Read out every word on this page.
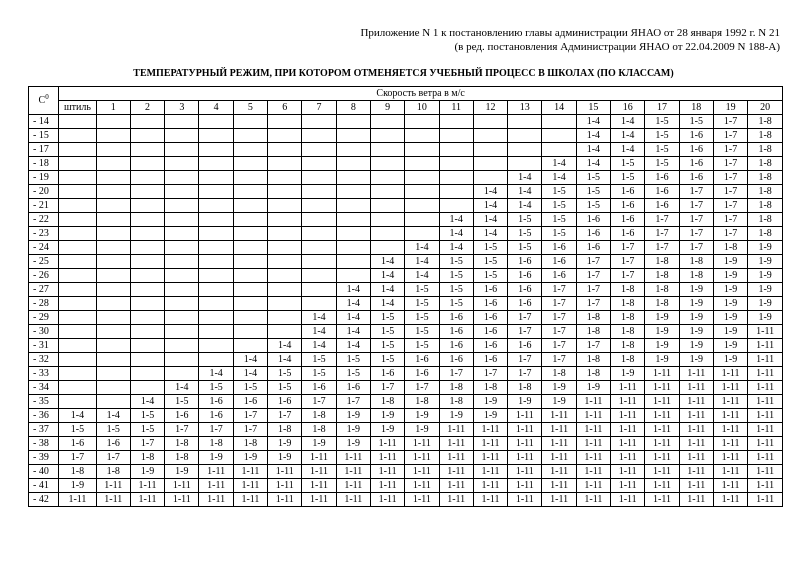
Приложение N 1 к постановлению главы администрации ЯНАО от 28 января 1992 г. N 21
(в ред. постановления Администрации ЯНАО от 22.04.2009 N 188-А)
ТЕМПЕРАТУРНЫЙ РЕЖИМ, ПРИ КОТОРОМ ОТМЕНЯЕТСЯ УЧЕБНЫЙ ПРОЦЕСС В ШКОЛАХ (ПО КЛАССАМ)
$C^0$	Скорость ветра в м/с																				
	штиль	1	2	3	4	5	6	7	8	9	10	11	12	13	14	15	16	17	18	19	20
- 14																1-4	1-4	1-5	1-5	1-7	1-8
- 15																1-4	1-4	1-5	1-6	1-7	1-8
- 17																1-4	1-4	1-5	1-6	1-7	1-8
- 18															1-4	1-4	1-5	1-5	1-6	1-7	1-8
- 19														1-4	1-4	1-5	1-5	1-6	1-6	1-7	1-8
- 20													1-4	1-4	1-5	1-5	1-6	1-6	1-7	1-7	1-8
- 21													1-4	1-4	1-5	1-5	1-6	1-6	1-7	1-7	1-8
- 22												1-4	1-4	1-5	1-5	1-6	1-6	1-7	1-7	1-7	1-8
- 23												1-4	1-4	1-5	1-5	1-6	1-6	1-7	1-7	1-7	1-8
- 24											1-4	1-4	1-5	1-5	1-6	1-6	1-7	1-7	1-7	1-8	1-9
- 25										1-4	1-4	1-5	1-5	1-6	1-6	1-7	1-7	1-8	1-8	1-9	1-9
- 26										1-4	1-4	1-5	1-5	1-6	1-6	1-7	1-7	1-8	1-8	1-9	1-9
- 27									1-4	1-4	1-5	1-5	1-6	1-6	1-7	1-7	1-8	1-8	1-9	1-9	1-9
- 28									1-4	1-4	1-5	1-5	1-6	1-6	1-7	1-7	1-8	1-8	1-9	1-9	1-9
- 29								1-4	1-4	1-5	1-5	1-6	1-6	1-7	1-7	1-8	1-8	1-9	1-9	1-9	1-9
- 30								1-4	1-4	1-5	1-5	1-6	1-6	1-7	1-7	1-8	1-8	1-9	1-9	1-9	1-11
- 31							1-4	1-4	1-4	1-5	1-5	1-6	1-6	1-6	1-7	1-7	1-8	1-9	1-9	1-9	1-11
- 32						1-4	1-4	1-5	1-5	1-5	1-6	1-6	1-6	1-7	1-7	1-8	1-8	1-9	1-9	1-9	1-11
- 33					1-4	1-4	1-5	1-5	1-5	1-6	1-6	1-7	1-7	1-7	1-8	1-8	1-9	1-11	1-11	1-11	1-11
- 34				1-4	1-5	1-5	1-5	1-6	1-6	1-7	1-7	1-8	1-8	1-8	1-9	1-9	1-11	1-11	1-11	1-11	1-11
- 35			1-4	1-5	1-6	1-6	1-6	1-7	1-7	1-8	1-8	1-8	1-9	1-9	1-9	1-11	1-11	1-11	1-11	1-11	1-11
- 36	1-4	1-4	1-5	1-6	1-6	1-7	1-7	1-8	1-9	1-9	1-9	1-9	1-9	1-11	1-11	1-11	1-11	1-11	1-11	1-11	1-11
- 37	1-5	1-5	1-5	1-7	1-7	1-7	1-8	1-8	1-9	1-9	1-9	1-11	1-11	1-11	1-11	1-11	1-11	1-11	1-11	1-11	1-11
- 38	1-6	1-6	1-7	1-8	1-8	1-8	1-9	1-9	1-9	1-11	1-11	1-11	1-11	1-11	1-11	1-11	1-11	1-11	1-11	1-11	1-11
- 39	1-7	1-7	1-8	1-8	1-9	1-9	1-9	1-11	1-11	1-11	1-11	1-11	1-11	1-11	1-11	1-11	1-11	1-11	1-11	1-11	1-11
- 40	1-8	1-8	1-9	1-9	1-11	1-11	1-11	1-11	1-11	1-11	1-11	1-11	1-11	1-11	1-11	1-11	1-11	1-11	1-11	1-11	1-11
- 41	1-9	1-11	1-11	1-11	1-11	1-11	1-11	1-11	1-11	1-11	1-11	1-11	1-11	1-11	1-11	1-11	1-11	1-11	1-11	1-11	1-11
- 42	1-11	1-11	1-11	1-11	1-11	1-11	1-11	1-11	1-11	1-11	1-11	1-11	1-11	1-11	1-11	1-11	1-11	1-11	1-11	1-11	1-11
